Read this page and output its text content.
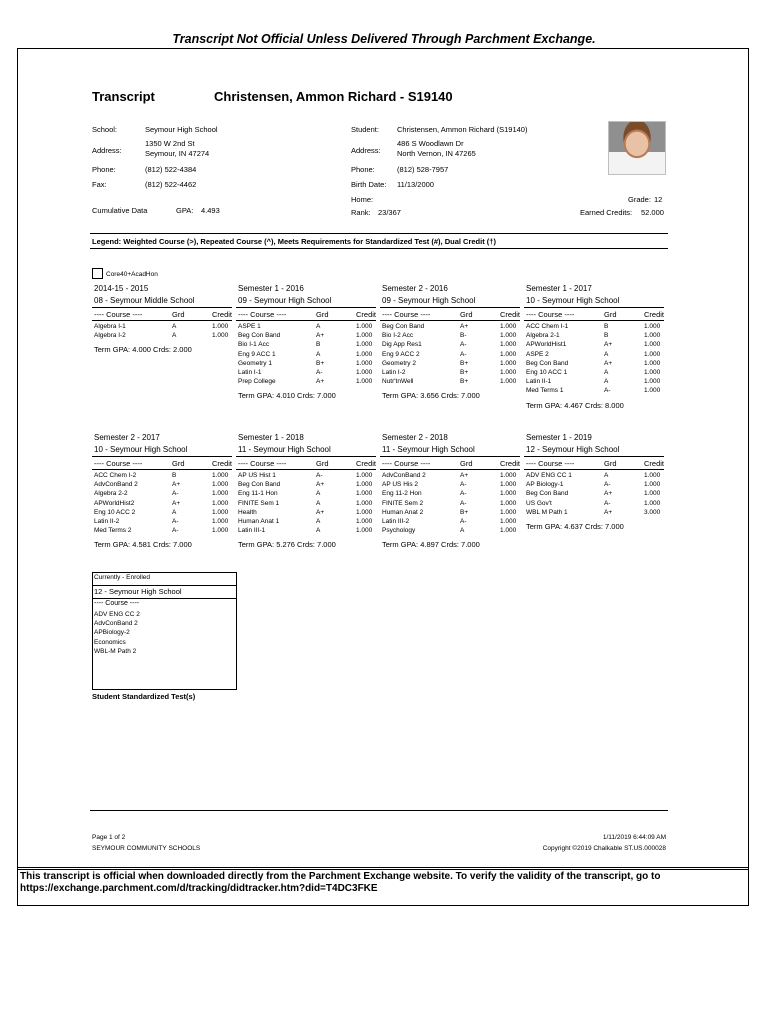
Transcript Not Official Unless Delivered Through Parchment Exchange.
Transcript	Christensen, Ammon Richard - S19140
School:	Seymour High School
Address:
1350 W 2nd St
Seymour, IN 47274
Phone:	(812) 522-4384
Fax:	(812) 522-4462
Cumulative Data	GPA: 4.493
Student: Christensen, Ammon Richard (S19140)
Address:
486 S Woodlawn Dr
North Vernon, IN 47265
Phone:	(812) 528-7957
Birth Date: 11/13/2000
Home:
Rank: 23/367
Grade: 12
Earned Credits: 52.000
Legend: Weighted Course (>), Repeated Course (^), Meets Requirements for Standardized Test (#), Dual Credit (†)
Core40+AcadHon
2014-15 - 2015
08 - Seymour Middle School
---- Course ----	Grd	Credit
Algebra I-1	A	1.000
Algebra I-2	A	1.000
Term GPA: 4.000 Crds: 2.000
Semester 1 - 2016
09 - Seymour High School
---- Course ----	Grd	Credit
ASPE 1	A	1.000
Beg Con Band	A+	1.000
Bio I-1 Acc	B	1.000
Eng 9 ACC 1	A	1.000
Geometry 1	B+	1.000
Latin I-1	A-	1.000
Prep College	A+	1.000
Term GPA: 4.010 Crds: 7.000
Semester 2 - 2016
09 - Seymour High School
---- Course ----	Grd	Credit
Beg Con Band	A+	1.000
Bio I-2 Acc	B-	1.000
Dig App Res1	A-	1.000
Eng 9 ACC 2	A-	1.000
Geometry 2	B+	1.000
Latin I-2	B+	1.000
Nutr'tnWell	B+	1.000
Term GPA: 3.656 Crds: 7.000
Semester 1 - 2017
10 - Seymour High School
---- Course ----	Grd	Credit
ACC Chem I-1	B	1.000
Algebra 2-1	B	1.000
APWorldHist1	A+	1.000
ASPE 2	A	1.000
Beg Con Band	A+	1.000
Eng 10 ACC 1	A	1.000
Latin II-1	A	1.000
Med Terms 1	A-	1.000
Term GPA: 4.467 Crds: 8.000
Semester 2 - 2017
10 - Seymour High School
---- Course ----	Grd	Credit
ACC Chem I-2	B	1.000
AdvConBand 2	A+	1.000
Algebra 2-2	A-	1.000
APWorldHist2	A+	1.000
Eng 10 ACC 2	A	1.000
Latin II-2	A-	1.000
Med Terms 2	A-	1.000
Term GPA: 4.581 Crds: 7.000
Semester 1 - 2018
11 - Seymour High School
---- Course ----	Grd	Credit
AP US Hist 1	A-	1.000
Beg Con Band	A+	1.000
Eng 11-1 Hon	A	1.000
FINITE Sem 1	A	1.000
Health	A+	1.000
Human Anat 1	A	1.000
Latin III-1	A	1.000
Term GPA: 5.276 Crds: 7.000
Semester 2 - 2018
11 - Seymour High School
---- Course ----	Grd	Credit
AdvConBand 2	A+	1.000
AP US His 2	A-	1.000
Eng 11-2 Hon	A-	1.000
FINITE Sem 2	A-	1.000
Human Anat 2	B+	1.000
Latin III-2	A-	1.000
Psychology	A	1.000
Term GPA: 4.897 Crds: 7.000
Semester 1 - 2019
12 - Seymour High School
---- Course ----	Grd	Credit
ADV ENG CC 1	A	1.000
AP Biology-1	A-	1.000
Beg Con Band	A+	1.000
US Gov't	A-	1.000
WBL M Path 1	A+	3.000
Term GPA: 4.637 Crds: 7.000
Currently - Enrolled
12 - Seymour High School
---- Course ----
ADV ENG CC 2
AdvConBand 2
APBiology-2
Economics
WBL-M Path 2
Student Standardized Test(s)
Page 1 of 2
SEYMOUR COMMUNITY SCHOOLS
1/11/2019 6:44:09 AM
Copyright ©2019 Chalkable ST.US.000028
This transcript is official when downloaded directly from the Parchment Exchange website. To verify the validity of the transcript, go to https://exchange.parchment.com/d/tracking/didtracker.htm?did=T4DC3FKE
